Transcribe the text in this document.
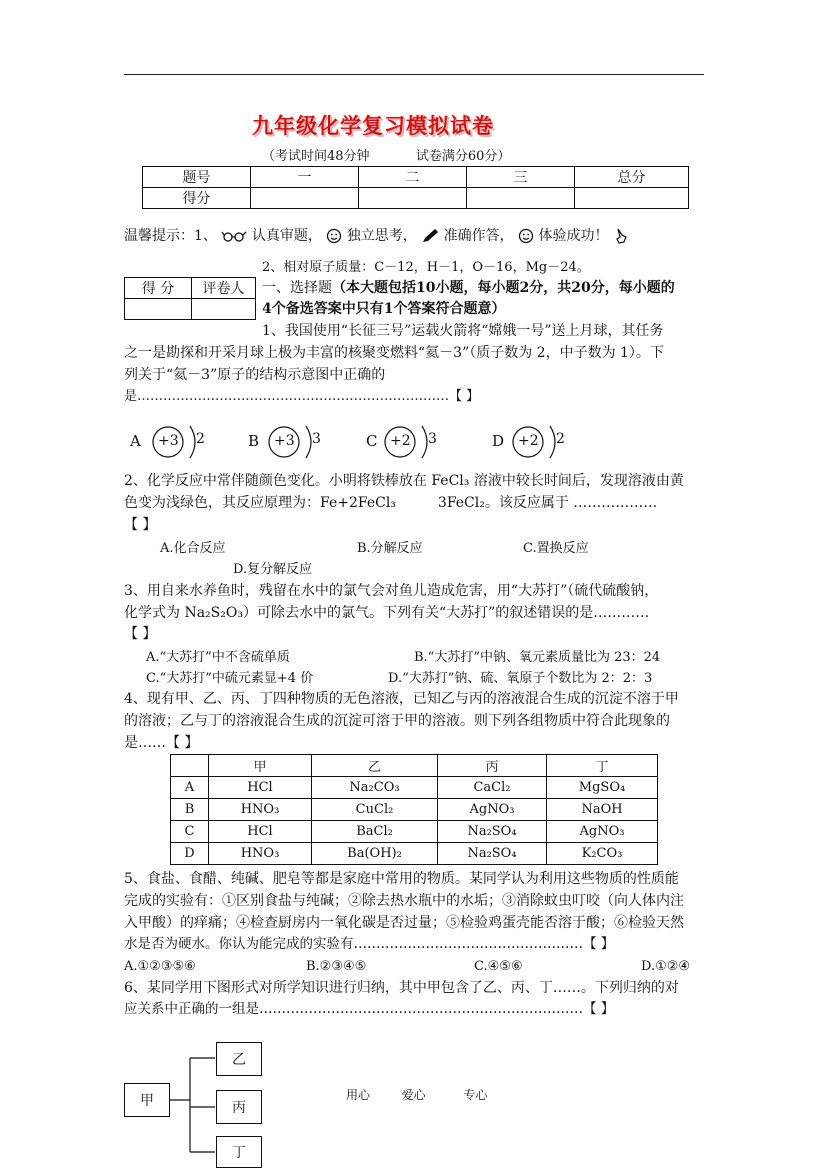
九年级化学复习模拟试卷
（考试时间48分钟	试卷满分60分）
题号	一	二	三	总分
得分				
温馨提示：1、 认真审题， 独立思考， 准确作答， 体验成功！
2、相对原子质量：C－12，H－1，O－16，Mg－24。
得 分	评卷人
	一、选择题（本大题包括10小题，每小题2分，共20分，每小题的
4个备选答案中只有1个答案符合题意）
1、我国使用“长征三号”运载火箭将“嫦娥一号”送上月球，其任务
之一是勘探和开采月球上极为丰富的核聚变燃料“氦－3”（质子数为 2，中子数为 1）。下
列关于“氦－3”原子的结构示意图中正确的
是………………………………………………………………【 】
A +3 2	B +3 3	C +2 3	D +2 2
2、化学反应中常伴随颜色变化。小明将铁棒放在 FeCl₃ 溶液中较长时间后，发现溶液由黄
色变为浅绿色，其反应原理为：Fe+2FeCl₃	3FeCl₂。该反应属于 ………………
【 】
A.化合反应	B.分解反应	C.置换反应
D.复分解反应
3、用自来水养鱼时，残留在水中的氯气会对鱼儿造成危害，用“大苏打”（硫代硫酸钠，
化学式为 Na₂S₂O₃）可除去水中的氯气。下列有关“大苏打”的叙述错误的是…………
【 】
A.“大苏打”中不含硫单质	B.“大苏打”中钠、氧元素质量比为 23：24
C.“大苏打”中硫元素显+4 价	D.“大苏打”钠、硫、氧原子个数比为 2：2：3
4、现有甲、乙、丙、丁四种物质的无色溶液，已知乙与丙的溶液混合生成的沉淀不溶于甲
的溶液；乙与丁的溶液混合生成的沉淀可溶于甲的溶液。则下列各组物质中符合此现象的
是……【 】
	甲	乙	丙	丁
A	HCl	Na₂CO₃	CaCl₂	MgSO₄
B	HNO₃	CuCl₂	AgNO₃	NaOH
C	HCl	BaCl₂	Na₂SO₄	AgNO₃
D	HNO₃	Ba(OH)₂	Na₂SO₄	K₂CO₃
5、食盐、食醋、纯碱、肥皂等都是家庭中常用的物质。某同学认为利用这些物质的性质能
完成的实验有：①区别食盐与纯碱；②除去热水瓶中的水垢；③消除蚊虫叮咬（向人体内注
入甲酸）的痒痛；④检查厨房内一氧化碳是否过量；⑤检验鸡蛋壳能否溶于酸；⑥检验天然
水是否为硬水。你认为能完成的实验有……………………………………………【 】
A.①②③⑤⑥	B.②③④⑤	C.④⑤⑥	D.①②④
6、某同学用下图形式对所学知识进行归纳，其中甲包含了乙、丙、丁……。下列归纳的对
应关系中正确的一组是………………………………………………………………【 】
甲
乙
丙
丁
用心	爱心	专心
